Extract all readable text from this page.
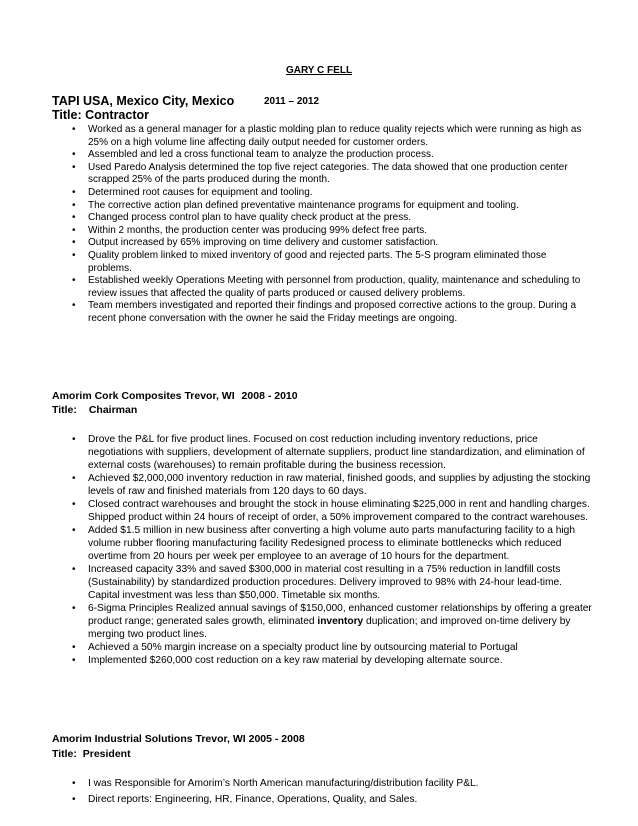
GARY C FELL
TAPI USA, Mexico City, Mexico	2011 – 2012
Title: Contractor
• Worked as a general manager for a plastic molding plan to reduce quality rejects which were running as high as 25% on a high volume line affecting daily output needed for customer orders.
• Assembled and led a cross functional team to analyze the production process.
• Used Paredo Analysis determined the top five reject categories. The data showed that one production center scrapped 25% of the parts produced during the month.
• Determined root causes for equipment and tooling.
• The corrective action plan defined preventative maintenance programs for equipment and tooling.
• Changed process control plan to have quality check product at the press.
• Within 2 months, the production center was producing 99% defect free parts.
• Output increased by 65% improving on time delivery and customer satisfaction.
• Quality problem linked to mixed inventory of good and rejected parts. The 5-S program eliminated those problems.
• Established weekly Operations Meeting with personnel from production, quality, maintenance and scheduling to review issues that affected the quality of parts produced or caused delivery problems.
• Team members investigated and reported their findings and proposed corrective actions to the group. During a recent phone conversation with the owner he said the Friday meetings are ongoing.
Amorim Cork Composites Trevor, WI 2008 - 2010
Title: Chairman
• Drove the P&L for five product lines. Focused on cost reduction including inventory reductions, price negotiations with suppliers, development of alternate suppliers, product line standardization, and elimination of external costs (warehouses) to remain profitable during the business recession.
• Achieved $2,000,000 inventory reduction in raw material, finished goods, and supplies by adjusting the stocking levels of raw and finished materials from 120 days to 60 days.
• Closed contract warehouses and brought the stock in house eliminating $225,000 in rent and handling charges. Shipped product within 24 hours of receipt of order, a 50% improvement compared to the contract warehouses.
• Added $1.5 million in new business after converting a high volume auto parts manufacturing facility to a high volume rubber flooring manufacturing facility Redesigned process to eliminate bottlenecks which reduced overtime from 20 hours per week per employee to an average of 10 hours for the department.
• Increased capacity 33% and saved $300,000 in material cost resulting in a 75% reduction in landfill costs (Sustainability) by standardized production procedures. Delivery improved to 98% with 24-hour lead-time. Capital investment was less than $50,000. Timetable six months.
• 6-Sigma Principles Realized annual savings of $150,000, enhanced customer relationships by offering a greater product range; generated sales growth, eliminated inventory duplication; and improved on-time delivery by merging two product lines.
• Achieved a 50% margin increase on a specialty product line by outsourcing material to Portugal
• Implemented $260,000 cost reduction on a key raw material by developing alternate source.
Amorim Industrial Solutions Trevor, WI 2005 - 2008
Title:  President
• I was Responsible for Amorim’s North American manufacturing/distribution facility P&L.
• Direct reports: Engineering, HR, Finance, Operations, Quality, and Sales.
